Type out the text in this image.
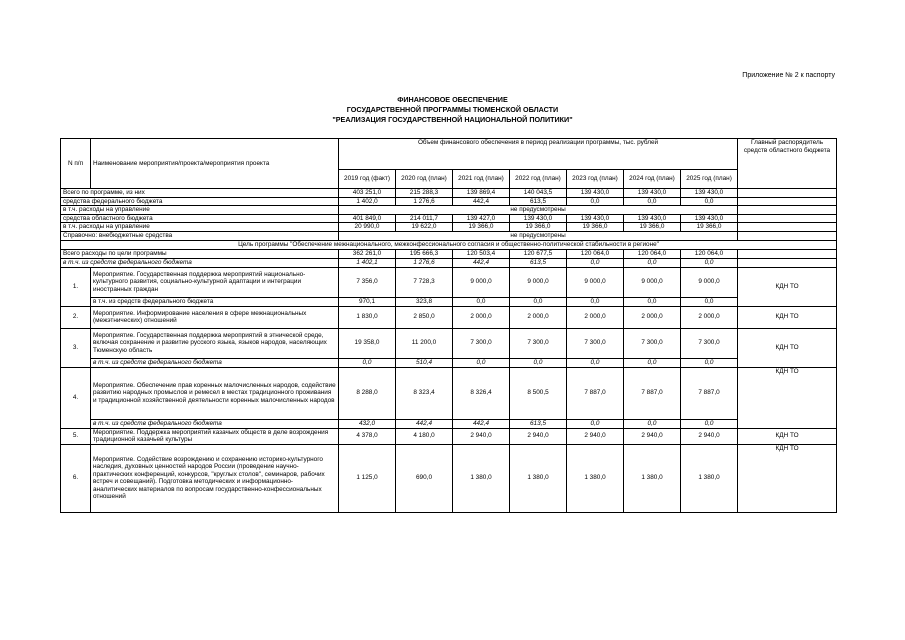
Приложение № 2 к паспорту
ФИНАНСОВОЕ ОБЕСПЕЧЕНИЕ
ГОСУДАРСТВЕННОЙ ПРОГРАММЫ ТЮМЕНСКОЙ ОБЛАСТИ
"РЕАЛИЗАЦИЯ ГОСУДАРСТВЕННОЙ НАЦИОНАЛЬНОЙ ПОЛИТИКИ"
N п/п	Наименование мероприятия/проекта/мероприятия проекта	Объем финансового обеспечения в период реализации программы, тыс. рублей							Главный распорядитель средств областного бюджета
		2019 год (факт)	2020 год (план)	2021 год (план)	2022 год (план)	2023 год (план)	2024 год (план)	2025 год (план)	
Всего по программе, из них		403 251,0	215 288,3	139 869,4	140 043,5	139 430,0	139 430,0	139 430,0	
средства федерального бюджета		1 402,0	1 276,6	442,4	613,5	0,0	0,0	0,0	
в т.ч. расходы на управление		не предусмотрены							
средства областного бюджета		401 849,0	214 011,7	139 427,0	139 430,0	139 430,0	139 430,0	139 430,0	
в т.ч. расходы на управление		20 990,0	19 622,0	19 366,0	19 366,0	19 366,0	19 366,0	19 366,0	
Справочно: внебюджетные средства		не предусмотрены							
Цель программы "Обеспечение межнационального, межконфессионального согласия и общественно-политической стабильности в регионе"									
Всего расходы по цели программы		362 261,0	195 666,3	120 503,4	120 677,5	120 064,0	120 064,0	120 064,0	
в т.ч. из средств федерального бюджета		1 402,1	1 276,6	442,4	613,5	0,0	0,0	0,0	
1.	Мероприятие. Государственная поддержка мероприятий национально-культурного развития, социально-культурной адаптации и интеграции иностранных граждан	7 356,0	7 728,3	9 000,0	9 000,0	9 000,0	9 000,0	9 000,0	КДН ТО
	в т.ч. из средств федерального бюджета	970,1	323,8	0,0	0,0	0,0	0,0	0,0	
2.	Мероприятие. Информирование населения в сфере межнациональных (межэтнических) отношений	1 830,0	2 850,0	2 000,0	2 000,0	2 000,0	2 000,0	2 000,0	КДН ТО
3.	Мероприятие. Государственная поддержка мероприятий в этнической среде, включая сохранение и развитие русского языка, языков народов, населяющих Тюменскую область	19 358,0	11 200,0	7 300,0	7 300,0	7 300,0	7 300,0	7 300,0	КДН ТО
	в т.ч. из средств федерального бюджета	0,0	510,4	0,0	0,0	0,0	0,0	0,0	
4.	Мероприятие. Обеспечение прав коренных малочисленных народов, содействие развитию народных промыслов и ремесел в местах традиционного проживания и традиционной хозяйственной деятельности коренных малочисленных народов	8 288,0	8 323,4	8 326,4	8 500,5	7 887,0	7 887,0	7 887,0	КДН ТО
	в т.ч. из средств федерального бюджета	432,0	442,4	442,4	613,5	0,0	0,0	0,0	
5.	Мероприятие. Поддержка мероприятий казачьих обществ в деле возрождения традиционной казачьей культуры	4 378,0	4 180,0	2 940,0	2 940,0	2 940,0	2 940,0	2 940,0	КДН ТО
6.	Мероприятие. Содействие возрождению и сохранению историко-культурного наследия, духовных ценностей народов России (проведение научно-практических конференций, конкурсов, "круглых столов", семинаров, рабочих встреч и совещаний). Подготовка методических и информационно-аналитических материалов по вопросам государственно-конфессиональных отношений	1 125,0	690,0	1 380,0	1 380,0	1 380,0	1 380,0	1 380,0	КДН ТО
